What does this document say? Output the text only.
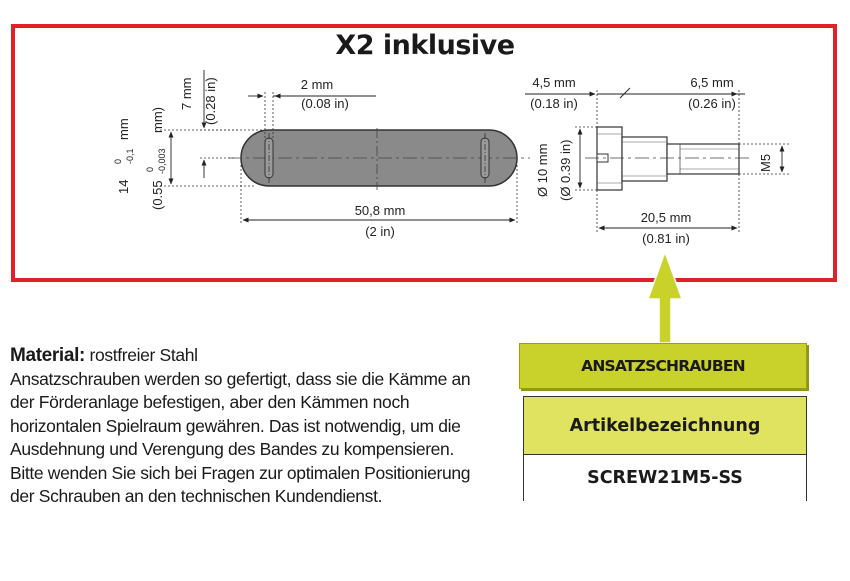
X2 inklusive
2 mm
(0.08 in)
7 mm (0.28 in)
14
0 -0,1
mm
(0.55
0 -0,003
mm)
50,8 mm
(2 in)
4,5 mm
(0.18 in)
6,5 mm
(0.26 in)
Ø 10 mm (Ø 0.39 in)	M5
20,5 mm
(0.81 in)
Material: rostfreier Stahl
Ansatzschrauben werden so gefertigt, dass sie die Kämme an der Förderanlage befestigen, aber den Kämmen noch horizontalen Spielraum gewähren. Das ist notwendig, um die Ausdehnung und Verengung des Bandes zu kompensieren. Bitte wenden Sie sich bei Fragen zur optimalen Positionierung der Schrauben an den technischen Kundendienst.
ANSATZSCHRAUBEN
Artikelbezeichnung
SCREW21M5-SS
